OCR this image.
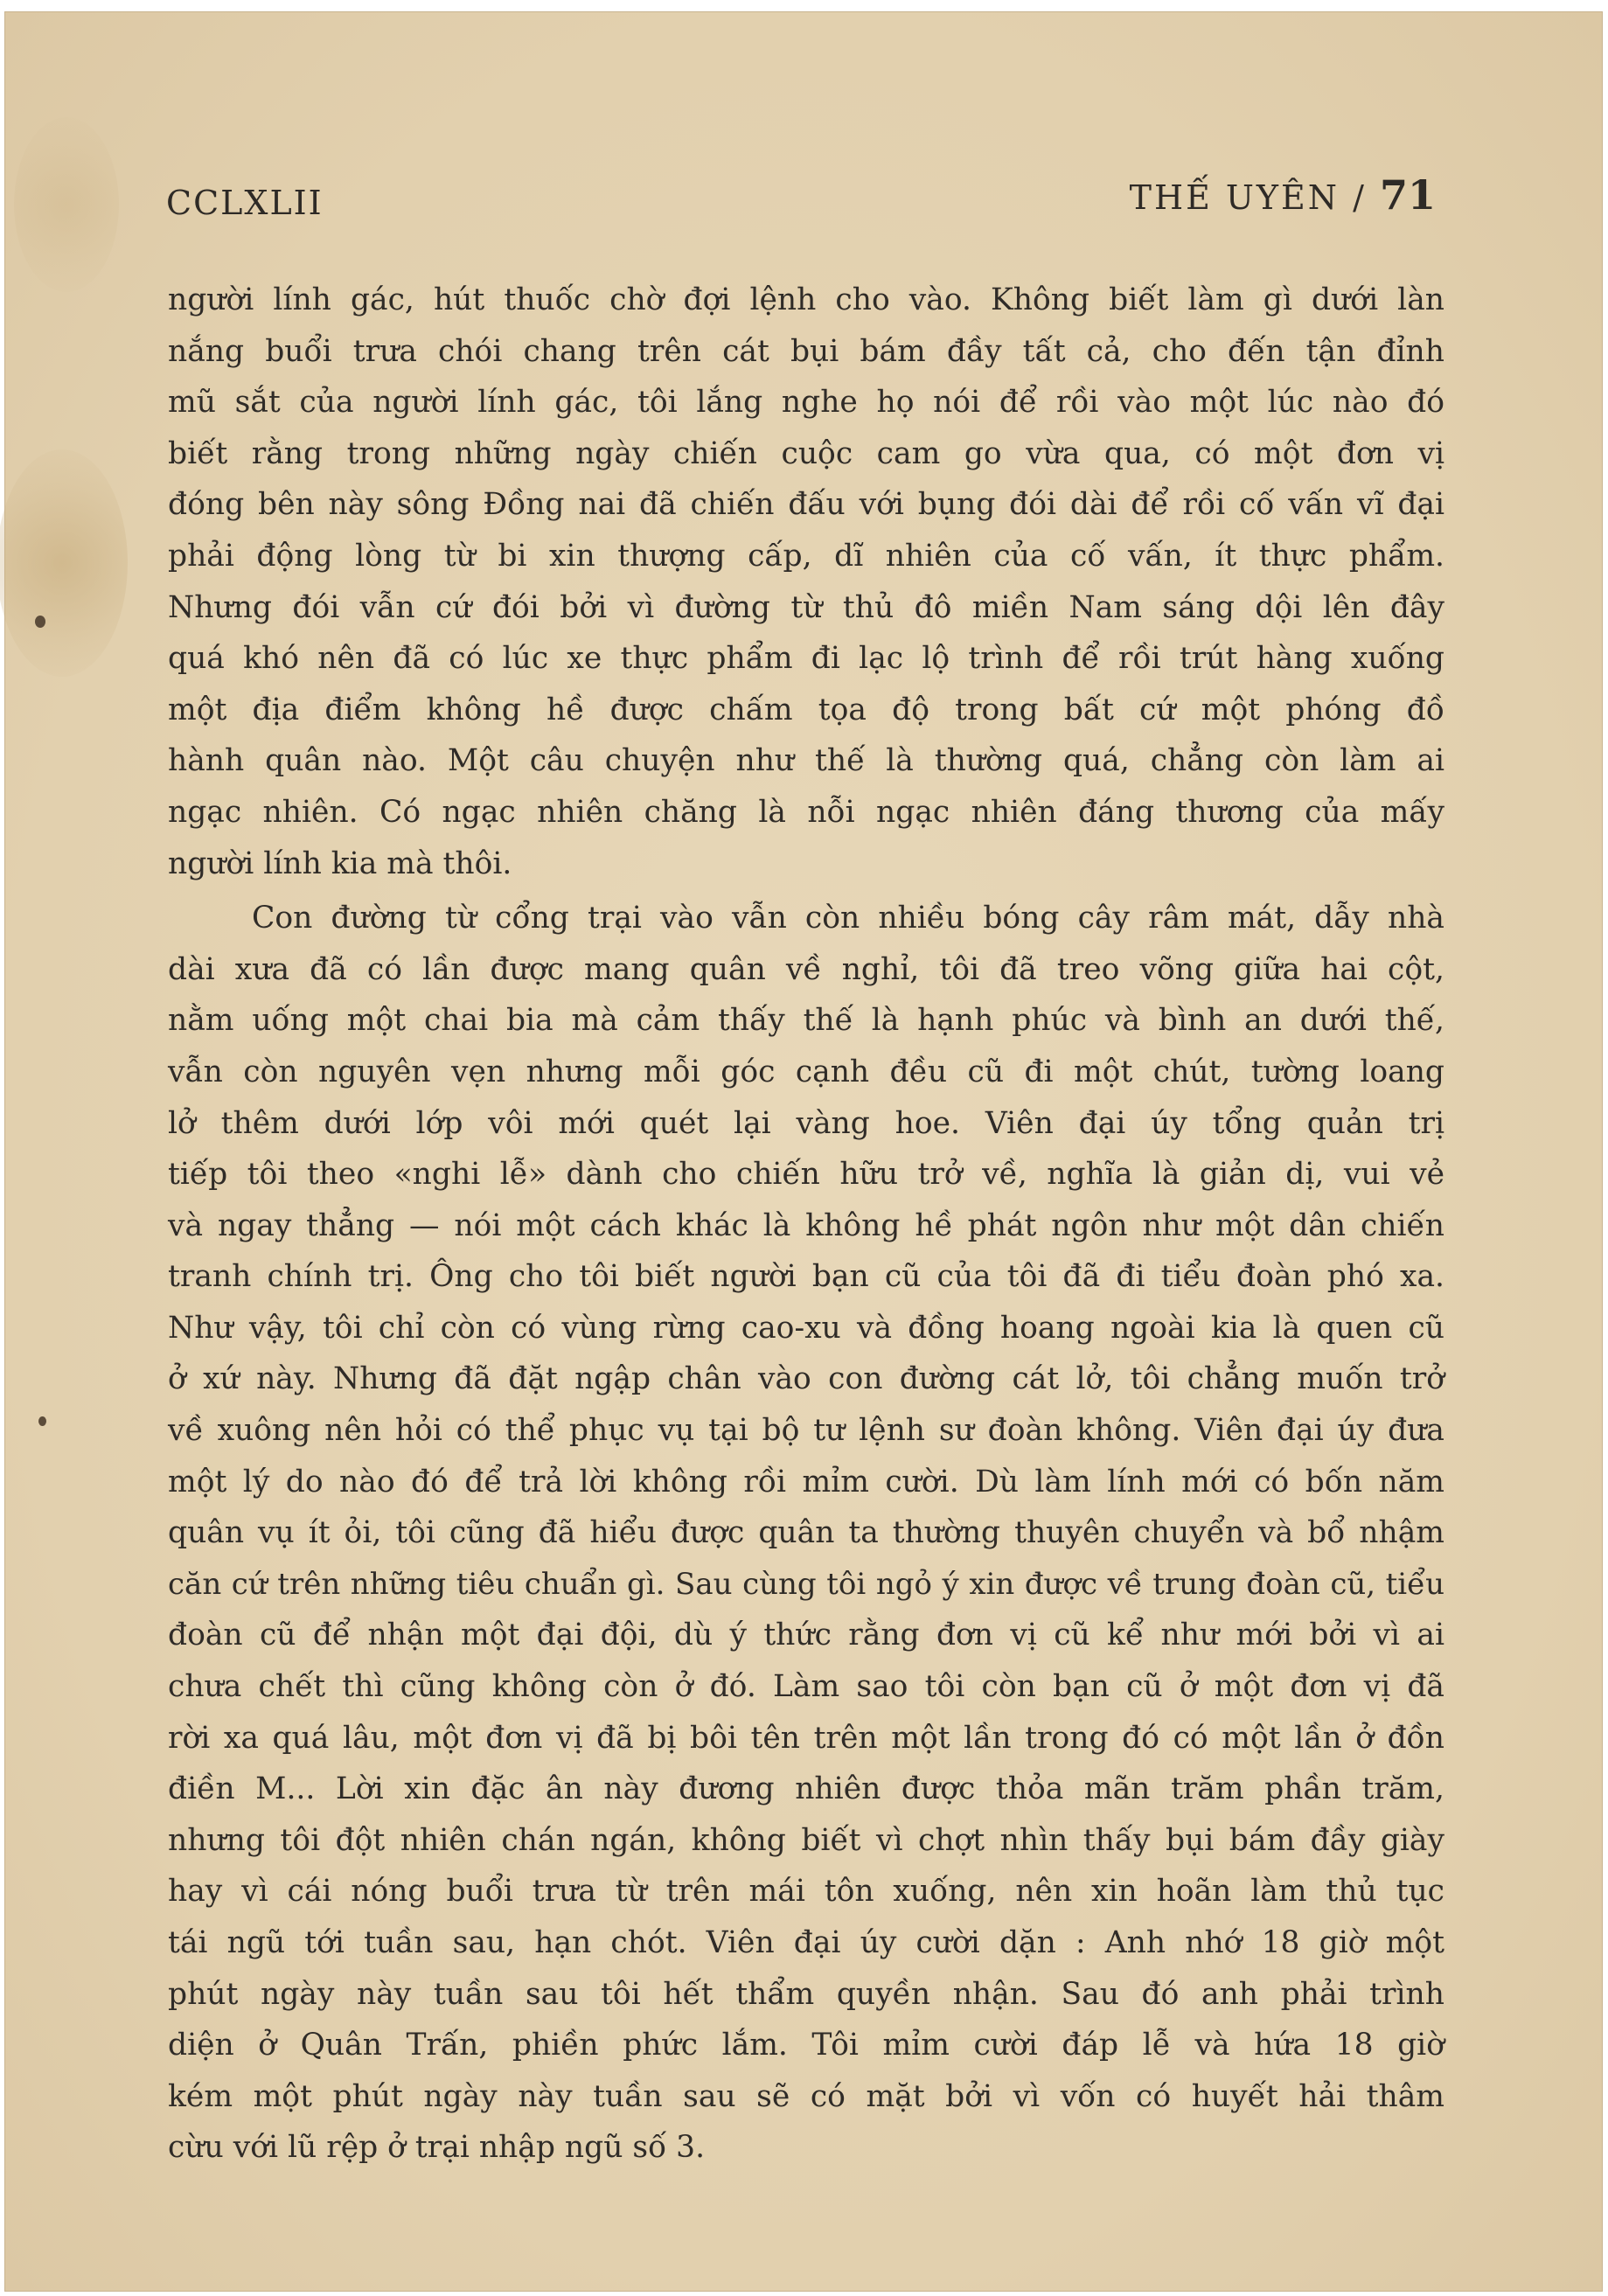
CCLXLII	THẾ UYÊN / 71
người lính gác, hút thuốc chờ đợi lệnh cho vào. Không biết làm gì dưới làn
nắng buổi trưa chói chang trên cát bụi bám đầy tất cả, cho đến tận đỉnh
mũ sắt của người lính gác, tôi lắng nghe họ nói để rồi vào một lúc nào đó
biết rằng trong những ngày chiến cuộc cam go vừa qua, có một đơn vị
đóng bên này sông Đồng nai đã chiến đấu với bụng đói dài để rồi cố vấn vĩ đại
phải động lòng từ bi xin thượng cấp, dĩ nhiên của cố vấn, ít thực phẩm.
Nhưng đói vẫn cứ đói bởi vì đường từ thủ đô miền Nam sáng dội lên đây
quá khó nên đã có lúc xe thực phẩm đi lạc lộ trình để rồi trút hàng xuống
một địa điểm không hề được chấm tọa độ trong bất cứ một phóng đồ
hành quân nào. Một câu chuyện như thế là thường quá, chẳng còn làm ai
ngạc nhiên. Có ngạc nhiên chăng là nỗi ngạc nhiên đáng thương của mấy
người lính kia mà thôi.
Con đường từ cổng trại vào vẫn còn nhiều bóng cây râm mát, dẫy nhà
dài xưa đã có lần được mang quân về nghỉ, tôi đã treo võng giữa hai cột,
nằm uống một chai bia mà cảm thấy thế là hạnh phúc và bình an dưới thế,
vẫn còn nguyên vẹn nhưng mỗi góc cạnh đều cũ đi một chút, tường loang
lở thêm dưới lớp vôi mới quét lại vàng hoe. Viên đại úy tổng quản trị
tiếp tôi theo «nghi lễ» dành cho chiến hữu trở về, nghĩa là giản dị, vui vẻ
và ngay thẳng — nói một cách khác là không hề phát ngôn như một dân chiến
tranh chính trị. Ông cho tôi biết người bạn cũ của tôi đã đi tiểu đoàn phó xa.
Như vậy, tôi chỉ còn có vùng rừng cao-xu và đồng hoang ngoài kia là quen cũ
ở xứ này. Nhưng đã đặt ngập chân vào con đường cát lở, tôi chẳng muốn trở
về xuông nên hỏi có thể phục vụ tại bộ tư lệnh sư đoàn không. Viên đại úy đưa
một lý do nào đó để trả lời không rồi mỉm cười. Dù làm lính mới có bốn năm
quân vụ ít ỏi, tôi cũng đã hiểu được quân ta thường thuyên chuyển và bổ nhậm
căn cứ trên những tiêu chuẩn gì. Sau cùng tôi ngỏ ý xin được về trung đoàn cũ, tiểu
đoàn cũ để nhận một đại đội, dù ý thức rằng đơn vị cũ kể như mới bởi vì ai
chưa chết thì cũng không còn ở đó. Làm sao tôi còn bạn cũ ở một đơn vị đã
rời xa quá lâu, một đơn vị đã bị bôi tên trên một lần trong đó có một lần ở đồn
điền M... Lời xin đặc ân này đương nhiên được thỏa mãn trăm phần trăm,
nhưng tôi đột nhiên chán ngán, không biết vì chợt nhìn thấy bụi bám đầy giày
hay vì cái nóng buổi trưa từ trên mái tôn xuống, nên xin hoãn làm thủ tục
tái ngũ tới tuần sau, hạn chót. Viên đại úy cười dặn : Anh nhớ 18 giờ một
phút ngày này tuần sau tôi hết thẩm quyền nhận. Sau đó anh phải trình
diện ở Quân Trấn, phiền phức lắm. Tôi mỉm cười đáp lễ và hứa 18 giờ
kém một phút ngày này tuần sau sẽ có mặt bởi vì vốn có huyết hải thâm
cừu với lũ rệp ở trại nhập ngũ số 3.
